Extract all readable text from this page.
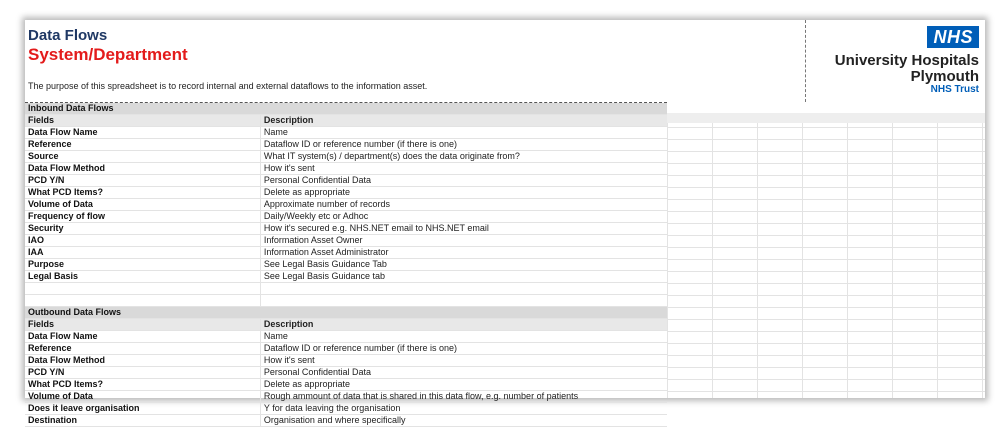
Data Flows
System/Department
The purpose of this spreadsheet is to record internal and external dataflows to the information asset.
NHS
University Hospitals
Plymouth
NHS Trust
Inbound Data Flows
Fields	Description
Data Flow Name	Name
Reference	Dataflow ID or reference number (if there is one)
Source	What IT system(s) / department(s) does the data originate from?
Data Flow Method	How it's sent
PCD Y/N	Personal Confidential Data
What PCD Items?	Delete as appropriate
Volume of Data	Approximate number of records
Frequency of flow	Daily/Weekly etc or Adhoc
Security	How it's secured e.g. NHS.NET email to NHS.NET email
IAO	Information Asset Owner
IAA	Information Asset Administrator
Purpose	See Legal Basis Guidance Tab
Legal Basis	See Legal Basis Guidance tab
Outbound Data Flows
Fields	Description
Data Flow Name	Name
Reference	Dataflow ID or reference number (if there is one)
Data Flow Method	How it's sent
PCD Y/N	Personal Confidential Data
What PCD Items?	Delete as appropriate
Volume of Data	Rough ammount of data that is shared in this data flow, e.g. number of patients
Does it leave organisation	Y for data leaving the organisation
Destination	Organisation and where specifically
